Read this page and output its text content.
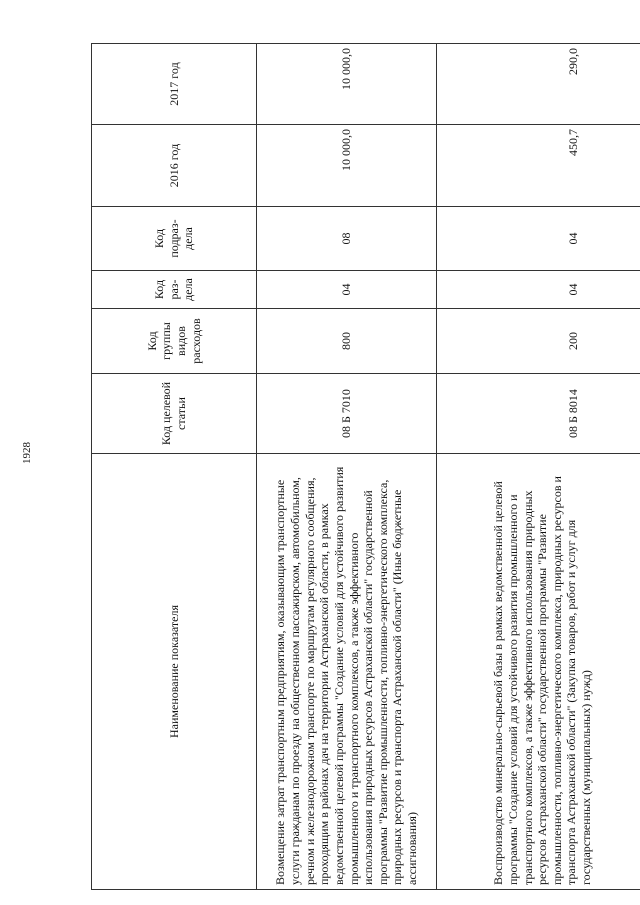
1928
Наименование показателя	Код целевой статьи	Код группы видов расходов	Код раз-дела	Код подраз-дела	2016 год	2017 год
Возмещение затрат транспортным предприятиям, оказывающим транспортные услуги гражданам по проезду на общественном пассажирском, автомобильном, речном и железнодорожном транспорте по маршрутам регулярного сообщения, проходящим в районах дач на территории Астраханской области, в рамках ведомственной целевой программы "Создание условий для устойчивого развития промышленного и транспортного комплексов, а также эффективного использования природных ресурсов Астраханской области" государственной программы "Развитие промышленности, топливно-энергетического комплекса, природных ресурсов и транспорта Астраханской области" (Иные бюджетные ассигнования)	08 Б 7010	800	04	08	10 000,0	10 000,0
Воспроизводство минерально-сырьевой базы в рамках ведомственной целевой программы "Создание условий для устойчивого развития промышленного и транспортного комплексов, а также эффективного использования природных ресурсов Астраханской области" государственной программы "Развитие промышленности, топливно-энергетического комплекса, природных ресурсов и транспорта Астраханской области" (Закупка товаров, работ и услуг для государственных (муниципальных) нужд)	08 Б 8014	200	04	04	450,7	290,0
